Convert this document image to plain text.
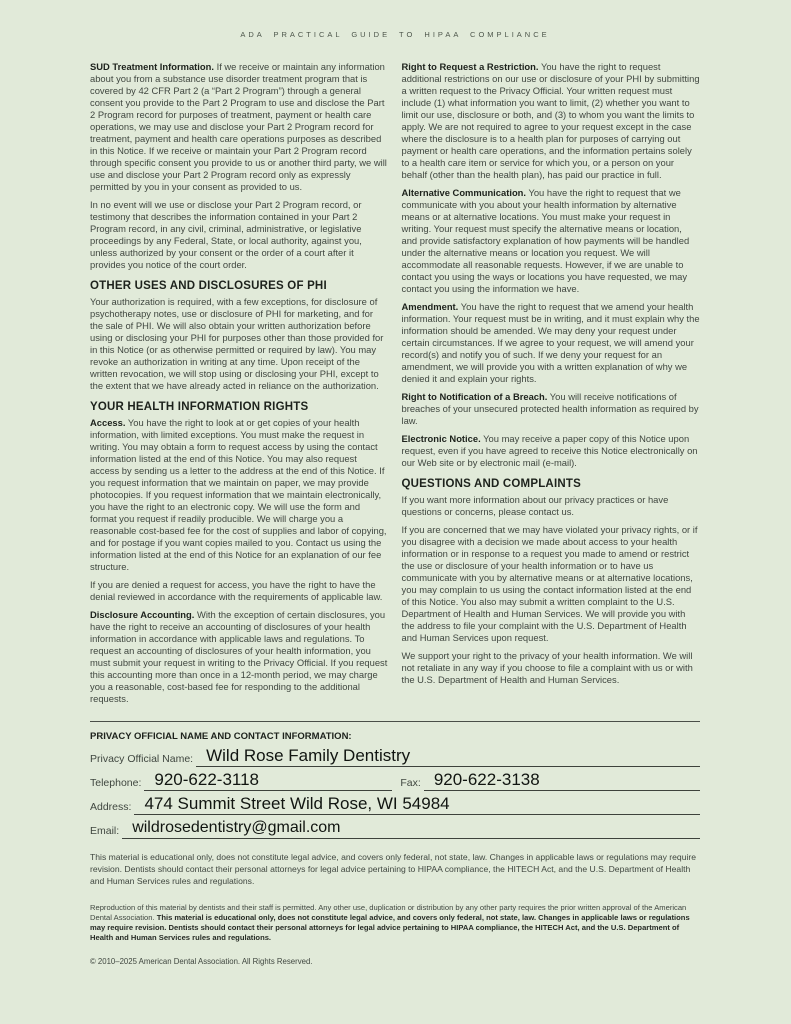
ADA PRACTICAL GUIDE TO HIPAA COMPLIANCE

SUD Treatment Information. If we receive or maintain any information about you from a substance use disorder treatment program that is covered by 42 CFR Part 2 (a “Part 2 Program”) through a general consent you provide to the Part 2 Program to use and disclose the Part 2 Program record for purposes of treatment, payment or health care operations, we may use and disclose your Part 2 Program record for treatment, payment and health care operations purposes as described in this Notice. If we receive or maintain your Part 2 Program record through specific consent you provide to us or another third party, we will use and disclose your Part 2 Program record only as expressly permitted by you in your consent as provided to us.

In no event will we use or disclose your Part 2 Program record, or testimony that describes the information contained in your Part 2 Program record, in any civil, criminal, administrative, or legislative proceedings by any Federal, State, or local authority, against you, unless authorized by your consent or the order of a court after it provides you notice of the court order.

OTHER USES AND DISCLOSURES OF PHI

Your authorization is required, with a few exceptions, for disclosure of psychotherapy notes, use or disclosure of PHI for marketing, and for the sale of PHI. We will also obtain your written authorization before using or disclosing your PHI for purposes other than those provided for in this Notice (or as otherwise permitted or required by law). You may revoke an authorization in writing at any time. Upon receipt of the written revocation, we will stop using or disclosing your PHI, except to the extent that we have already acted in reliance on the authorization.

YOUR HEALTH INFORMATION RIGHTS

Access. You have the right to look at or get copies of your health information, with limited exceptions. You must make the request in writing. You may obtain a form to request access by using the contact information listed at the end of this Notice. You may also request access by sending us a letter to the address at the end of this Notice. If you request information that we maintain on paper, we may provide photocopies. If you request information that we maintain electronically, you have the right to an electronic copy. We will use the form and format you request if readily producible. We will charge you a reasonable cost-based fee for the cost of supplies and labor of copying, and for postage if you want copies mailed to you. Contact us using the information listed at the end of this Notice for an explanation of our fee structure.

If you are denied a request for access, you have the right to have the denial reviewed in accordance with the requirements of applicable law.

Disclosure Accounting. With the exception of certain disclosures, you have the right to receive an accounting of disclosures of your health information in accordance with applicable laws and regulations. To request an accounting of disclosures of your health information, you must submit your request in writing to the Privacy Official. If you request this accounting more than once in a 12-month period, we may charge you a reasonable, cost-based fee for responding to the additional requests.

Right to Request a Restriction. You have the right to request additional restrictions on our use or disclosure of your PHI by submitting a written request to the Privacy Official. Your written request must include (1) what information you want to limit, (2) whether you want to limit our use, disclosure or both, and (3) to whom you want the limits to apply. We are not required to agree to your request except in the case where the disclosure is to a health plan for purposes of carrying out payment or health care operations, and the information pertains solely to a health care item or service for which you, or a person on your behalf (other than the health plan), has paid our practice in full.

Alternative Communication. You have the right to request that we communicate with you about your health information by alternative means or at alternative locations. You must make your request in writing. Your request must specify the alternative means or location, and provide satisfactory explanation of how payments will be handled under the alternative means or location you request. We will accommodate all reasonable requests. However, if we are unable to contact you using the ways or locations you have requested, we may contact you using the information we have.

Amendment. You have the right to request that we amend your health information. Your request must be in writing, and it must explain why the information should be amended. We may deny your request under certain circumstances. If we agree to your request, we will amend your record(s) and notify you of such. If we deny your request for an amendment, we will provide you with a written explanation of why we denied it and explain your rights.

Right to Notification of a Breach. You will receive notifications of breaches of your unsecured protected health information as required by law.

Electronic Notice. You may receive a paper copy of this Notice upon request, even if you have agreed to receive this Notice electronically on our Web site or by electronic mail (e-mail).

QUESTIONS AND COMPLAINTS

If you want more information about our privacy practices or have questions or concerns, please contact us.

If you are concerned that we may have violated your privacy rights, or if you disagree with a decision we made about access to your health information or in response to a request you made to amend or restrict the use or disclosure of your health information or to have us communicate with you by alternative means or at alternative locations, you may complain to us using the contact information listed at the end of this Notice. You also may submit a written complaint to the U.S. Department of Health and Human Services. We will provide you with the address to file your complaint with the U.S. Department of Health and Human Services upon request.

We support your right to the privacy of your health information. We will not retaliate in any way if you choose to file a complaint with us or with the U.S. Department of Health and Human Services.

PRIVACY OFFICIAL NAME AND CONTACT INFORMATION:
Privacy Official Name: Wild Rose Family Dentistry
Telephone: 920-622-3118	Fax: 920-622-3138
Address: 474 Summit Street Wild Rose, WI 54984
Email: wildrosedentistry@gmail.com

This material is educational only, does not constitute legal advice, and covers only federal, not state, law. Changes in applicable laws or regulations may require revision. Dentists should contact their personal attorneys for legal advice pertaining to HIPAA compliance, the HITECH Act, and the U.S. Department of Health and Human Services rules and regulations.

Reproduction of this material by dentists and their staff is permitted. Any other use, duplication or distribution by any other party requires the prior written approval of the American Dental Association. This material is educational only, does not constitute legal advice, and covers only federal, not state, law. Changes in applicable laws or regulations may require revision. Dentists should contact their personal attorneys for legal advice pertaining to HIPAA compliance, the HITECH Act, and the U.S. Department of Health and Human Services rules and regulations.

© 2010–2025 American Dental Association. All Rights Reserved.
